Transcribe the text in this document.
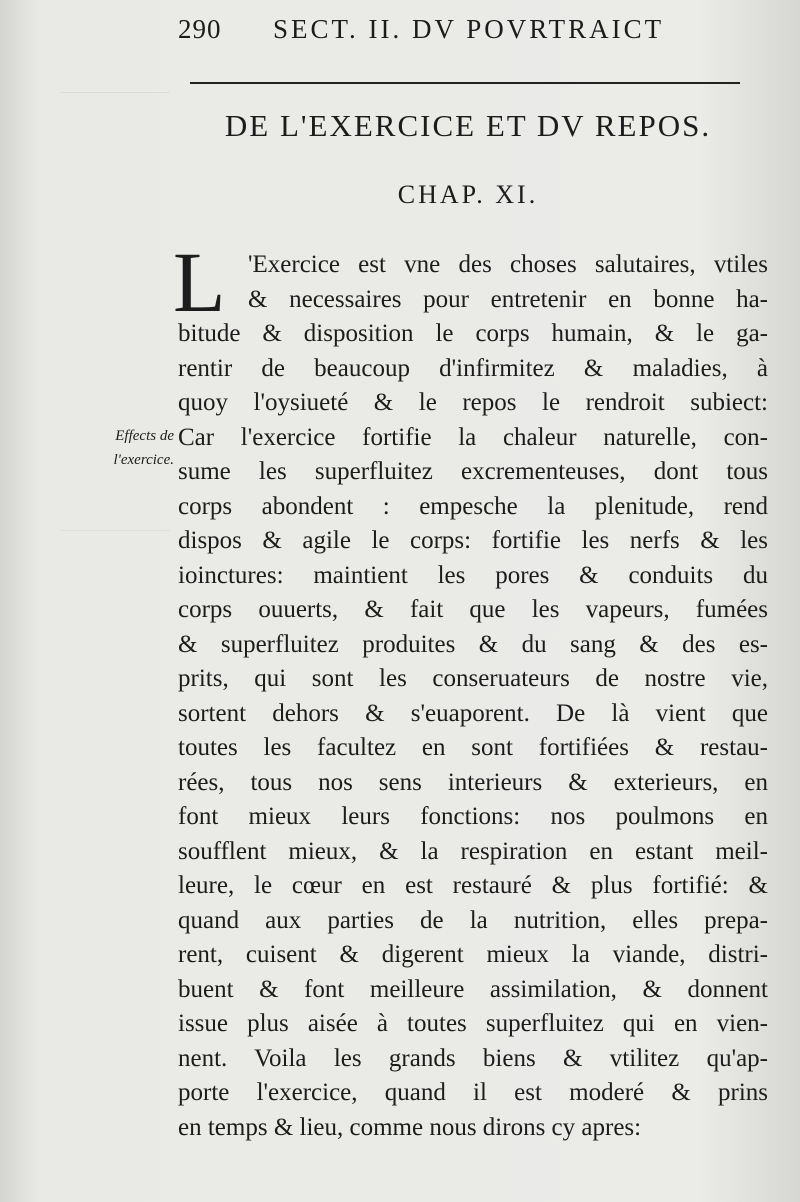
290 SECT. II. DV POVRTRAICT
DE L'EXERCICE ET DV REPOS.
CHAP. XI.
L
Effects de
l'exercice.
'Exercice est vne des choses salutaires, vtiles
& necessaires pour entretenir en bonne ha-
bitude & disposition le corps humain, & le ga-
rentir de beaucoup d'infirmitez & maladies, à
quoy l'oysiueté & le repos le rendroit subiect:
Car l'exercice fortifie la chaleur naturelle, con-
sume les superfluitez excrementeuses, dont tous
corps abondent : empesche la plenitude, rend
dispos & agile le corps: fortifie les nerfs & les
ioinctures: maintient les pores & conduits du
corps ouuerts, & fait que les vapeurs, fumées
& superfluitez produites & du sang & des es-
prits, qui sont les conseruateurs de nostre vie,
sortent dehors & s'euaporent. De là vient que
toutes les facultez en sont fortifiées & restau-
rées, tous nos sens interieurs & exterieurs, en
font mieux leurs fonctions: nos poulmons en
soufflent mieux, & la respiration en estant meil-
leure, le cœur en est restauré & plus fortifié: &
quand aux parties de la nutrition, elles prepa-
rent, cuisent & digerent mieux la viande, distri-
buent & font meilleure assimilation, & donnent
issue plus aisée à toutes superfluitez qui en vien-
nent. Voila les grands biens & vtilitez qu'ap-
porte l'exercice, quand il est moderé & prins
en temps & lieu, comme nous dirons cy apres:
